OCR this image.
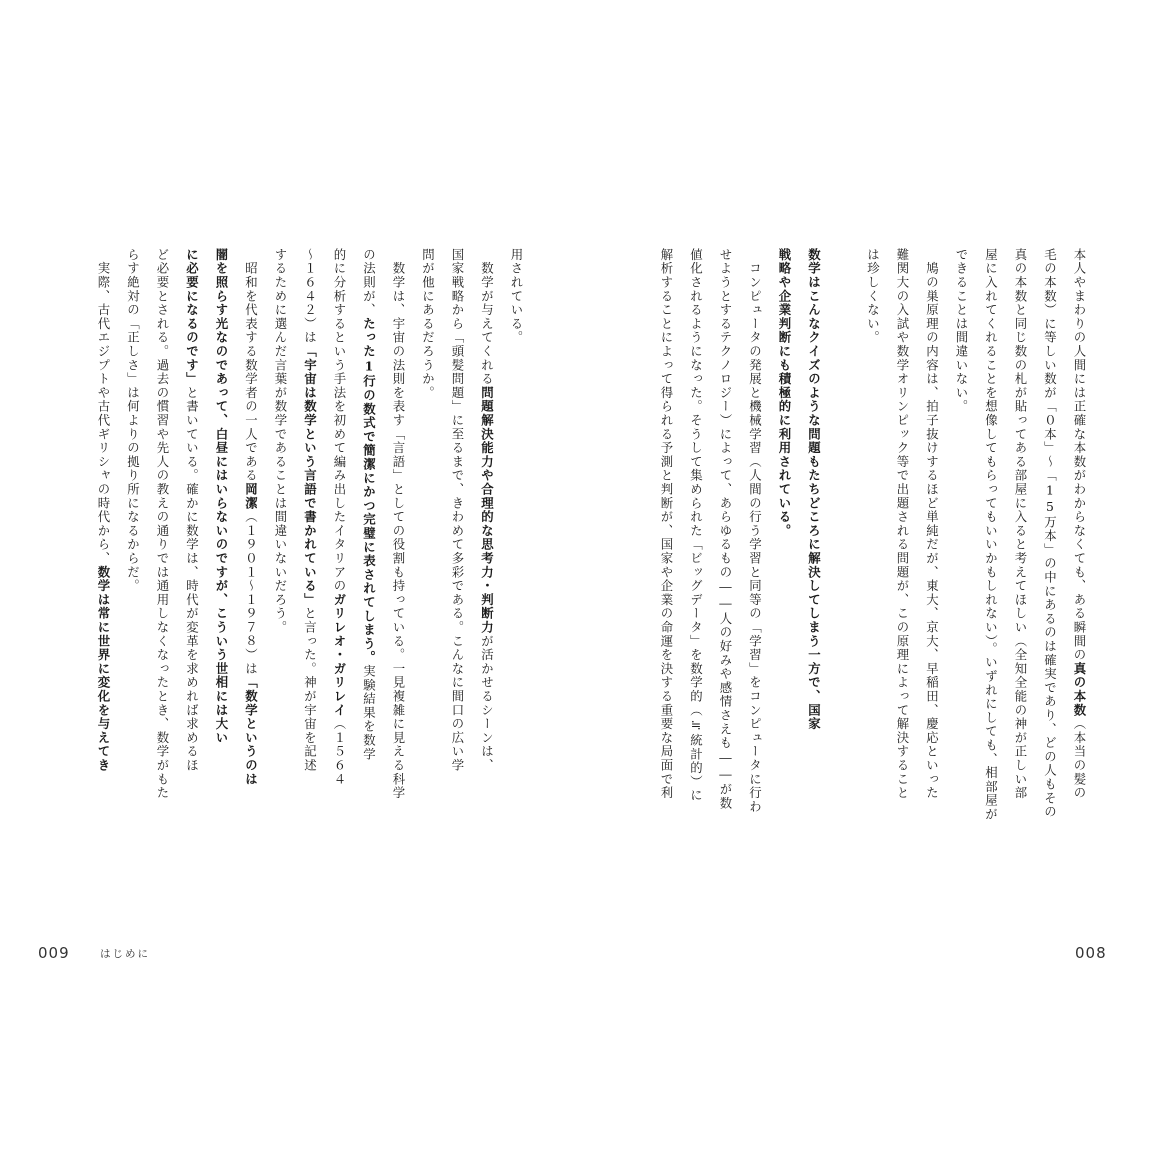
用されている。
　数学が与えてくれる問題解決能力や合理的な思考力・判断力が活かせるシーンは、
国家戦略から「頭髪問題」に至るまで、きわめて多彩である。こんなに間口の広い学
問が他にあるだろうか。
　数学は、宇宙の法則を表す「言語」としての役割も持っている。一見複雑に見える科学
の法則が、たった1行の数式で簡潔にかつ完璧に表されてしまう。実験結果を数学
的に分析するという手法を初めて編み出したイタリアのガリレオ・ガリレイ（１５６４
〜１６４２）は「宇宙は数学という言語で書かれている」と言った。神が宇宙を記述
するために選んだ言葉が数学であることは間違いないだろう。
　昭和を代表する数学者の一人である岡潔（１９０１〜１９７８）は「数学というのは
闇を照らす光なのであって、白昼にはいらないのですが、こういう世相には大い
に必要になるのです」と書いている。確かに数学は、時代が変革を求めれば求めるほ
ど必要とされる。過去の慣習や先人の教えの通りでは通用しなくなったとき、数学がもた
らす絶対の「正しさ」は何よりの拠り所になるからだ。
　実際、古代エジプトや古代ギリシャの時代から、数学は常に世界に変化を与えてき
本人やまわりの人間には正確な本数がわからなくても、ある瞬間の真の本数（本当の髪の
毛の本数）に等しい数が「０本」〜「15万本」の中にあるのは確実であり、どの人もその
真の本数と同じ数の札が貼ってある部屋に入ると考えてほしい（全知全能の神が正しい部
屋に入れてくれることを想像してもらってもいいかもしれない）。いずれにしても、相部屋が
できることは間違いない。
　鳩の巣原理の内容は、拍子抜けするほど単純だが、東大、京大、早稲田、慶応といった
難関大の入試や数学オリンピック等で出題される問題が、この原理によって解決すること
は珍しくない。
数学はこんなクイズのような問題もたちどころに解決してしまう一方で、国家
戦略や企業判断にも積極的に利用されている。
　コンピュータの発展と機械学習（人間の行う学習と同等の「学習」をコンピュータに行わ
せようとするテクノロジー）によって、あらゆるもの――人の好みや感情さえも――が数
値化されるようになった。そうして集められた「ビッグデータ」を数学的（≒統計的）に
解析することによって得られる予測と判断が、国家や企業の命運を決する重要な局面で利
009	はじめに	008
